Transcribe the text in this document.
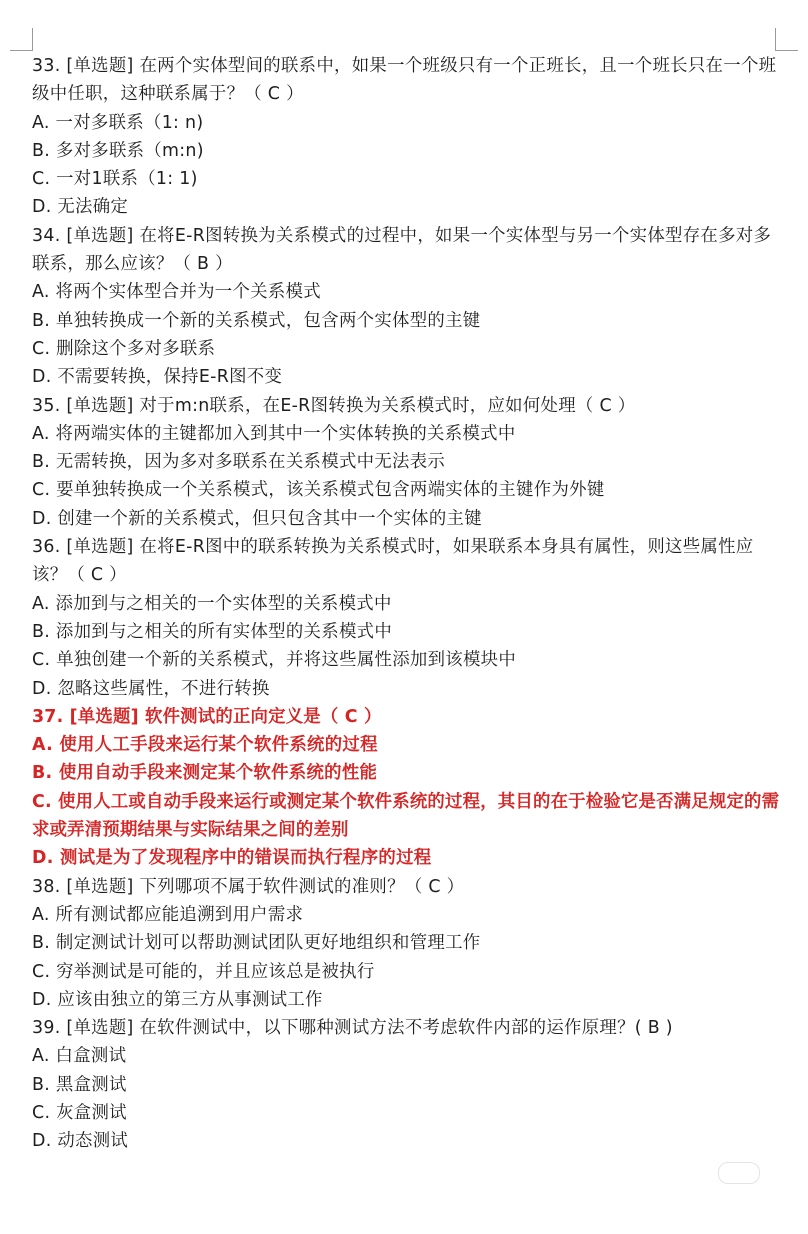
33. [单选题] 在两个实体型间的联系中，如果一个班级只有一个正班长，且一个班长只在一个班级中任职，这种联系属于？（ C ）
A. 一对多联系（1: n)
B. 多对多联系（m:n)
C. 一对1联系（1: 1)
D. 无法确定
34. [单选题] 在将E-R图转换为关系模式的过程中，如果一个实体型与另一个实体型存在多对多联系，那么应该？（ B ）
A. 将两个实体型合并为一个关系模式
B. 单独转换成一个新的关系模式，包含两个实体型的主键
C. 删除这个多对多联系
D. 不需要转换，保持E-R图不变
35. [单选题] 对于m:n联系，在E-R图转换为关系模式时，应如何处理（ C ）
A. 将两端实体的主键都加入到其中一个实体转换的关系模式中
B. 无需转换，因为多对多联系在关系模式中无法表示
C. 要单独转换成一个关系模式，该关系模式包含两端实体的主键作为外键
D. 创建一个新的关系模式，但只包含其中一个实体的主键
36. [单选题] 在将E-R图中的联系转换为关系模式时，如果联系本身具有属性，则这些属性应该？（ C ）
A. 添加到与之相关的一个实体型的关系模式中
B. 添加到与之相关的所有实体型的关系模式中
C. 单独创建一个新的关系模式，并将这些属性添加到该模块中
D. 忽略这些属性，不进行转换
37. [单选题] 软件测试的正向定义是（ C ）
A. 使用人工手段来运行某个软件系统的过程
B. 使用自动手段来测定某个软件系统的性能
C. 使用人工或自动手段来运行或测定某个软件系统的过程，其目的在于检验它是否满足规定的需求或弄清预期结果与实际结果之间的差别
D. 测试是为了发现程序中的错误而执行程序的过程
38. [单选题] 下列哪项不属于软件测试的准则？（ C ）
A. 所有测试都应能追溯到用户需求
B. 制定测试计划可以帮助测试团队更好地组织和管理工作
C. 穷举测试是可能的，并且应该总是被执行
D. 应该由独立的第三方从事测试工作
39. [单选题] 在软件测试中，以下哪种测试方法不考虑软件内部的运作原理？( B )
A. 白盒测试
B. 黑盒测试
C. 灰盒测试
D. 动态测试
